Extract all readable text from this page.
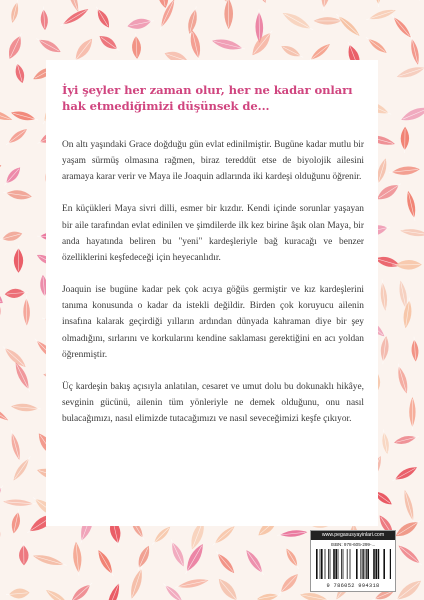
İyi şeyler her zaman olur, her ne kadar onları hak etmediğimizi düşünsek de...

On altı yaşındaki Grace doğduğu gün evlat edinilmiştir. Bugüne kadar mutlu bir yaşam sürmüş olmasına rağmen, biraz tereddüt etse de biyolojik ailesini aramaya karar verir ve Maya ile Joaquin adlarında iki kardeşi olduğunu öğrenir.

En küçükleri Maya sivri dilli, esmer bir kızdır. Kendi içinde sorunlar yaşayan bir aile tarafından evlat edinilen ve şimdilerde ilk kez birine âşık olan Maya, bir anda hayatında beliren bu "yeni" kardeşleriyle bağ kuracağı ve benzer özelliklerini keşfedeceği için heyecanlıdır.

Joaquin ise bugüne kadar pek çok acıya göğüs germiştir ve kız kardeşlerini tanıma konusunda o kadar da istekli değildir. Birden çok koruyucu ailenin insafına kalarak geçirdiği yılların ardından dünyada kahraman diye bir şey olmadığını, sırlarını ve korkularını kendine saklaması gerektiğini en acı yoldan öğrenmiştir.

Üç kardeşin bakış açısıyla anlatılan, cesaret ve umut dolu bu dokunaklı hikâye, sevginin gücünü, ailenin tüm yönleriyle ne demek olduğunu, onu nasıl bulacağımızı, nasıl elimizde tutacağımızı ve nasıl seveceğimizi keşfe çıkıyor.

www.pegasusyayinlari.com
ISBN: 978-605-299-...
9 786052 994318
